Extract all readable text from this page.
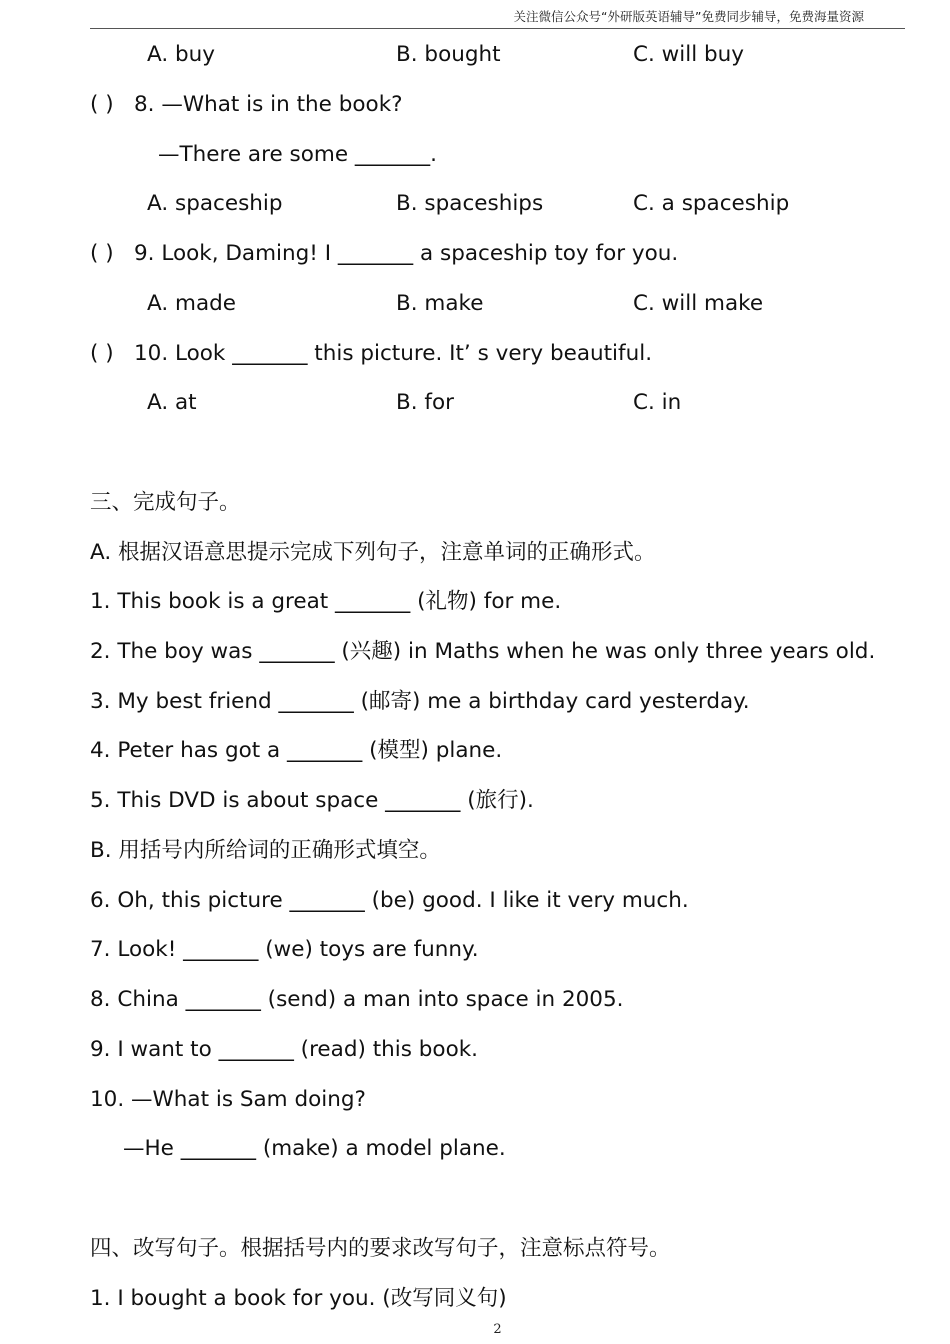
关注微信公众号“外研版英语辅导”免费同步辅导，免费海量资源
A. buy	B. bought	C. will buy
( ) 8. —What is in the book?
—There are some _______.
A. spaceship	B. spaceships	C. a spaceship
( ) 9. Look, Daming! I _______ a spaceship toy for you.
A. made	B. make	C. will make
( ) 10. Look _______ this picture. It’ s very beautiful.
A. at	B. for	C. in
三、完成句子。
A. 根据汉语意思提示完成下列句子，注意单词的正确形式。
1. This book is a great _______ (礼物) for me.
2. The boy was _______ (兴趣) in Maths when he was only three years old.
3. My best friend _______ (邮寄) me a birthday card yesterday.
4. Peter has got a _______ (模型) plane.
5. This DVD is about space _______ (旅行).
B. 用括号内所给词的正确形式填空。
6. Oh, this picture _______ (be) good. I like it very much.
7. Look! _______ (we) toys are funny.
8. China _______ (send) a man into space in 2005.
9. I want to _______ (read) this book.
10. —What is Sam doing?
—He _______ (make) a model plane.
四、改写句子。根据括号内的要求改写句子，注意标点符号。
1. I bought a book for you. (改写同义句)
2
